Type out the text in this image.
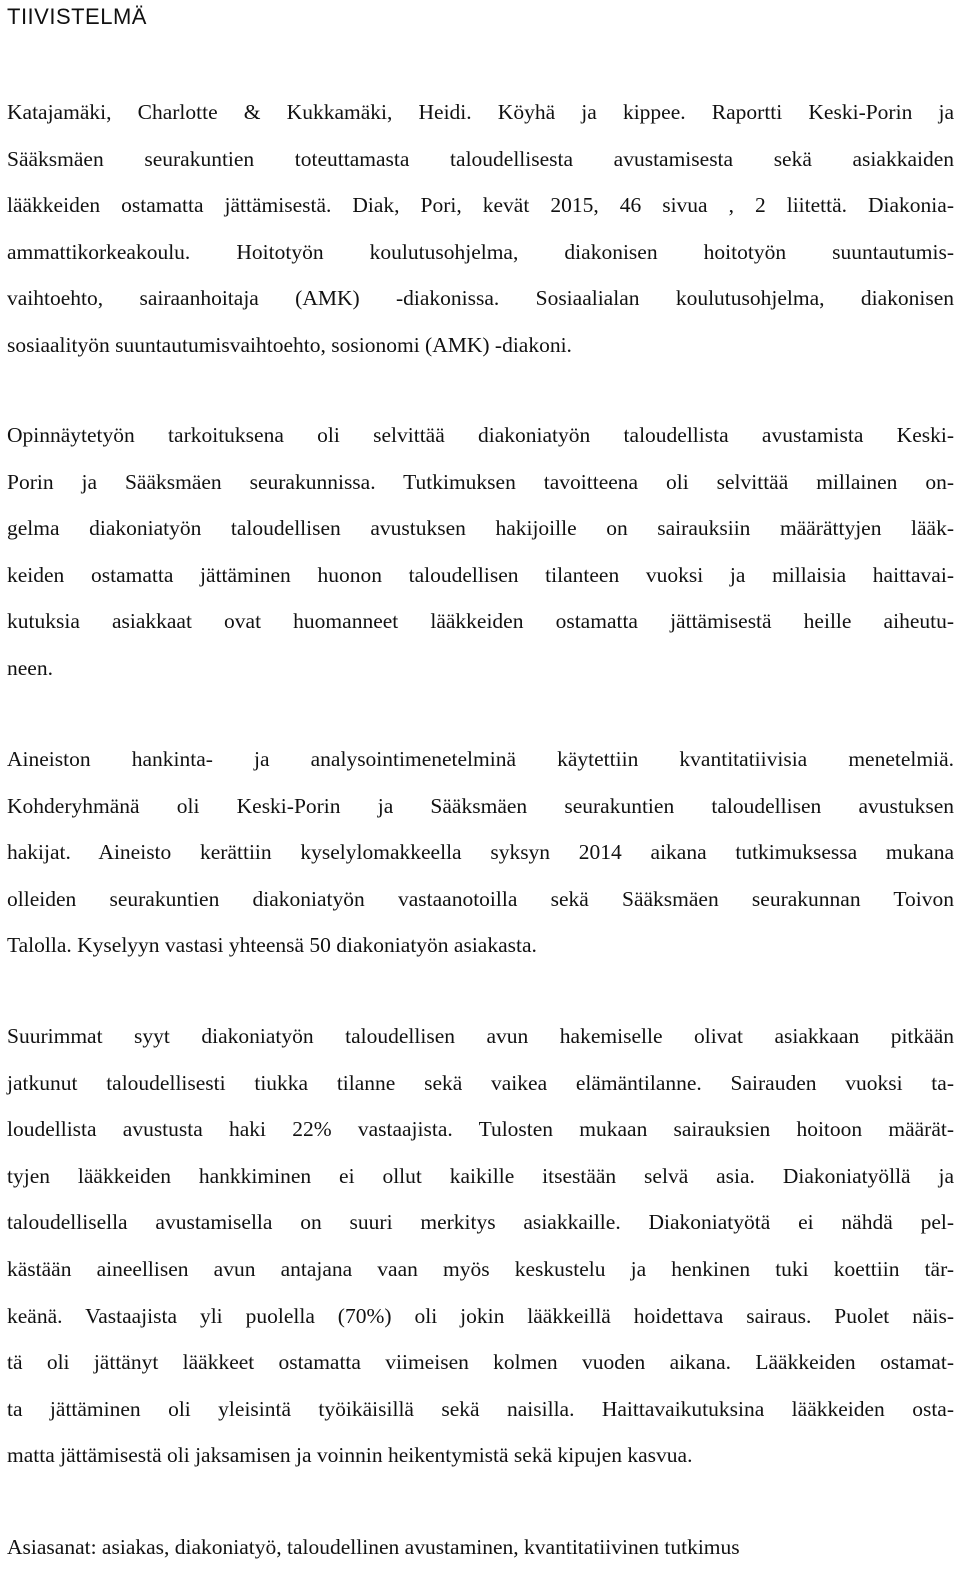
TIIVISTELMÄ
Katajamäki, Charlotte & Kukkamäki, Heidi. Köyhä ja kippee. Raportti Keski-Porin ja
Sääksmäen seurakuntien toteuttamasta taloudellisesta avustamisesta sekä asiakkaiden
lääkkeiden ostamatta jättämisestä. Diak, Pori, kevät 2015, 46 sivua , 2 liitettä. Diakonia-
ammattikorkeakoulu. Hoitotyön koulutusohjelma, diakonisen hoitotyön suuntautumis-
vaihtoehto, sairaanhoitaja (AMK) -diakonissa. Sosiaalialan koulutusohjelma, diakonisen
sosiaalityön suuntautumisvaihtoehto, sosionomi (AMK) -diakoni.
Opinnäytetyön tarkoituksena oli selvittää diakoniatyön taloudellista avustamista Keski-
Porin ja Sääksmäen seurakunnissa. Tutkimuksen tavoitteena oli selvittää millainen on-
gelma diakoniatyön taloudellisen avustuksen hakijoille on sairauksiin määrättyjen lääk-
keiden ostamatta jättäminen huonon taloudellisen tilanteen vuoksi ja millaisia haittavai-
kutuksia asiakkaat ovat huomanneet lääkkeiden ostamatta jättämisestä heille aiheutu-
neen.
Aineiston hankinta- ja analysointimenetelminä käytettiin kvantitatiivisia menetelmiä.
Kohderyhmänä oli Keski-Porin ja Sääksmäen seurakuntien taloudellisen avustuksen
hakijat. Aineisto kerättiin kyselylomakkeella syksyn 2014 aikana tutkimuksessa mukana
olleiden seurakuntien diakoniatyön vastaanotoilla sekä Sääksmäen seurakunnan Toivon
Talolla. Kyselyyn vastasi yhteensä 50 diakoniatyön asiakasta.
Suurimmat syyt diakoniatyön taloudellisen avun hakemiselle olivat asiakkaan pitkään
jatkunut taloudellisesti tiukka tilanne sekä vaikea elämäntilanne. Sairauden vuoksi ta-
loudellista avustusta haki 22% vastaajista. Tulosten mukaan sairauksien hoitoon määrät-
tyjen lääkkeiden hankkiminen ei ollut kaikille itsestään selvä asia. Diakoniatyöllä ja
taloudellisella avustamisella on suuri merkitys asiakkaille. Diakoniatyötä ei nähdä pel-
kästään aineellisen avun antajana vaan myös keskustelu ja henkinen tuki koettiin tär-
keänä. Vastaajista yli puolella (70%) oli jokin lääkkeillä hoidettava sairaus. Puolet näis-
tä oli jättänyt lääkkeet ostamatta viimeisen kolmen vuoden aikana. Lääkkeiden ostamat-
ta jättäminen oli yleisintä työikäisillä sekä naisilla. Haittavaikutuksina lääkkeiden osta-
matta jättämisestä oli jaksamisen ja voinnin heikentymistä sekä kipujen kasvua.
Asiasanat: asiakas, diakoniatyö, taloudellinen avustaminen, kvantitatiivinen tutkimus
